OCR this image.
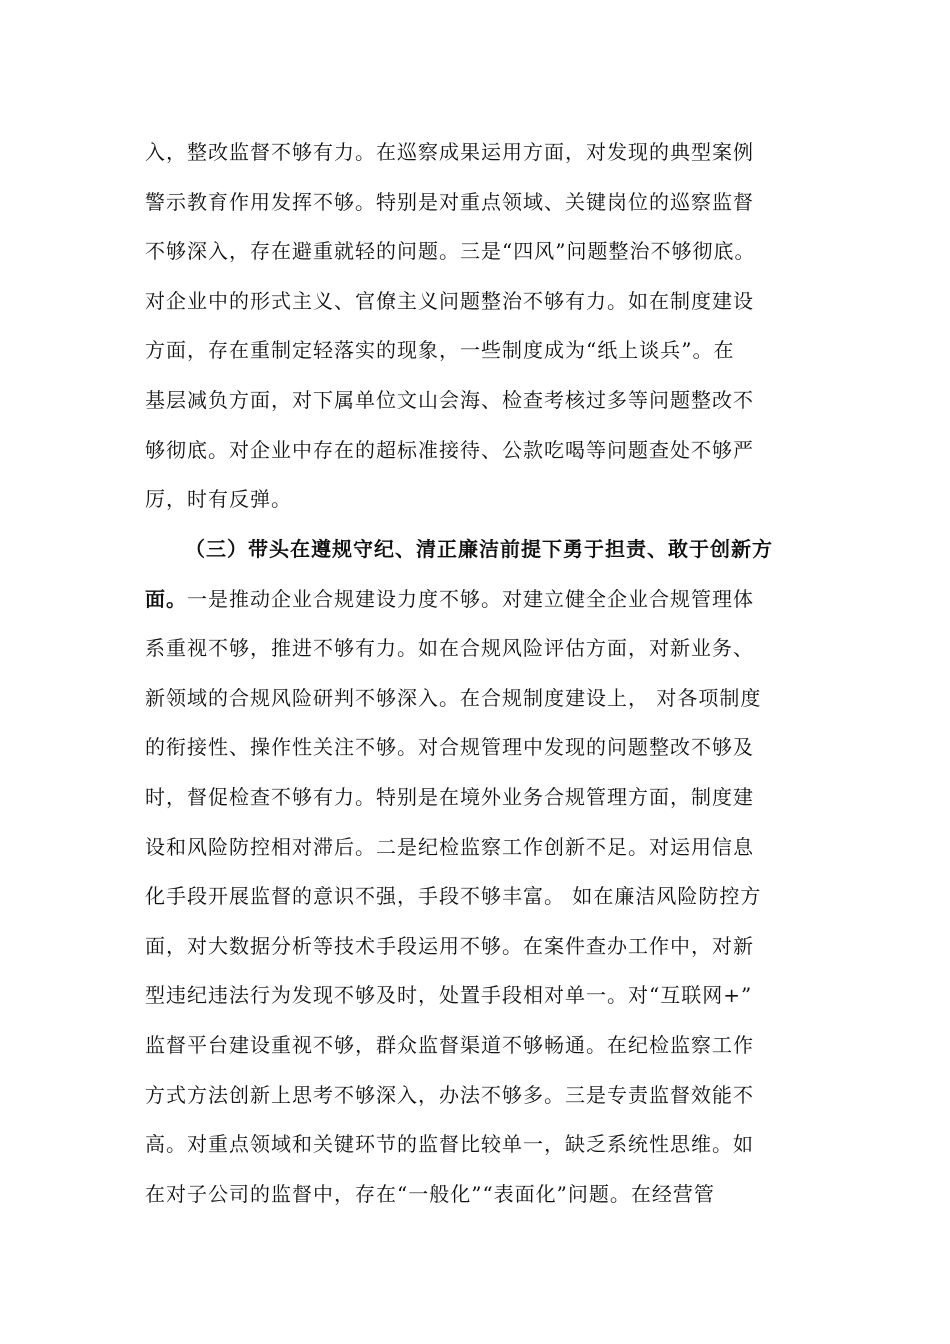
入，整改监督不够有力。在巡察成果运用方面，对发现的典型案例
警示教育作用发挥不够。特别是对重点领域、关键岗位的巡察监督
不够深入，存在避重就轻的问题。三是“四风”问题整治不够彻底。
对企业中的形式主义、官僚主义问题整治不够有力。如在制度建设
方面，存在重制定轻落实的现象，一些制度成为“纸上谈兵”。在
基层减负方面，对下属单位文山会海、检查考核过多等问题整改不
够彻底。对企业中存在的超标准接待、公款吃喝等问题查处不够严
厉，时有反弹。
（三）带头在遵规守纪、清正廉洁前提下勇于担责、敢于创新方
面。一是推动企业合规建设力度不够。对建立健全企业合规管理体
系重视不够，推进不够有力。如在合规风险评估方面，对新业务、
新领域的合规风险研判不够深入。在合规制度建设上， 对各项制度
的衔接性、操作性关注不够。对合规管理中发现的问题整改不够及
时，督促检查不够有力。特别是在境外业务合规管理方面，制度建
设和风险防控相对滞后。二是纪检监察工作创新不足。对运用信息
化手段开展监督的意识不强，手段不够丰富。 如在廉洁风险防控方
面，对大数据分析等技术手段运用不够。在案件查办工作中，对新
型违纪违法行为发现不够及时，处置手段相对单一。对“互联网+”
监督平台建设重视不够，群众监督渠道不够畅通。在纪检监察工作
方式方法创新上思考不够深入，办法不够多。三是专责监督效能不
高。对重点领域和关键环节的监督比较单一，缺乏系统性思维。如
在对子公司的监督中，存在“一般化”“表面化”问题。在经营管
